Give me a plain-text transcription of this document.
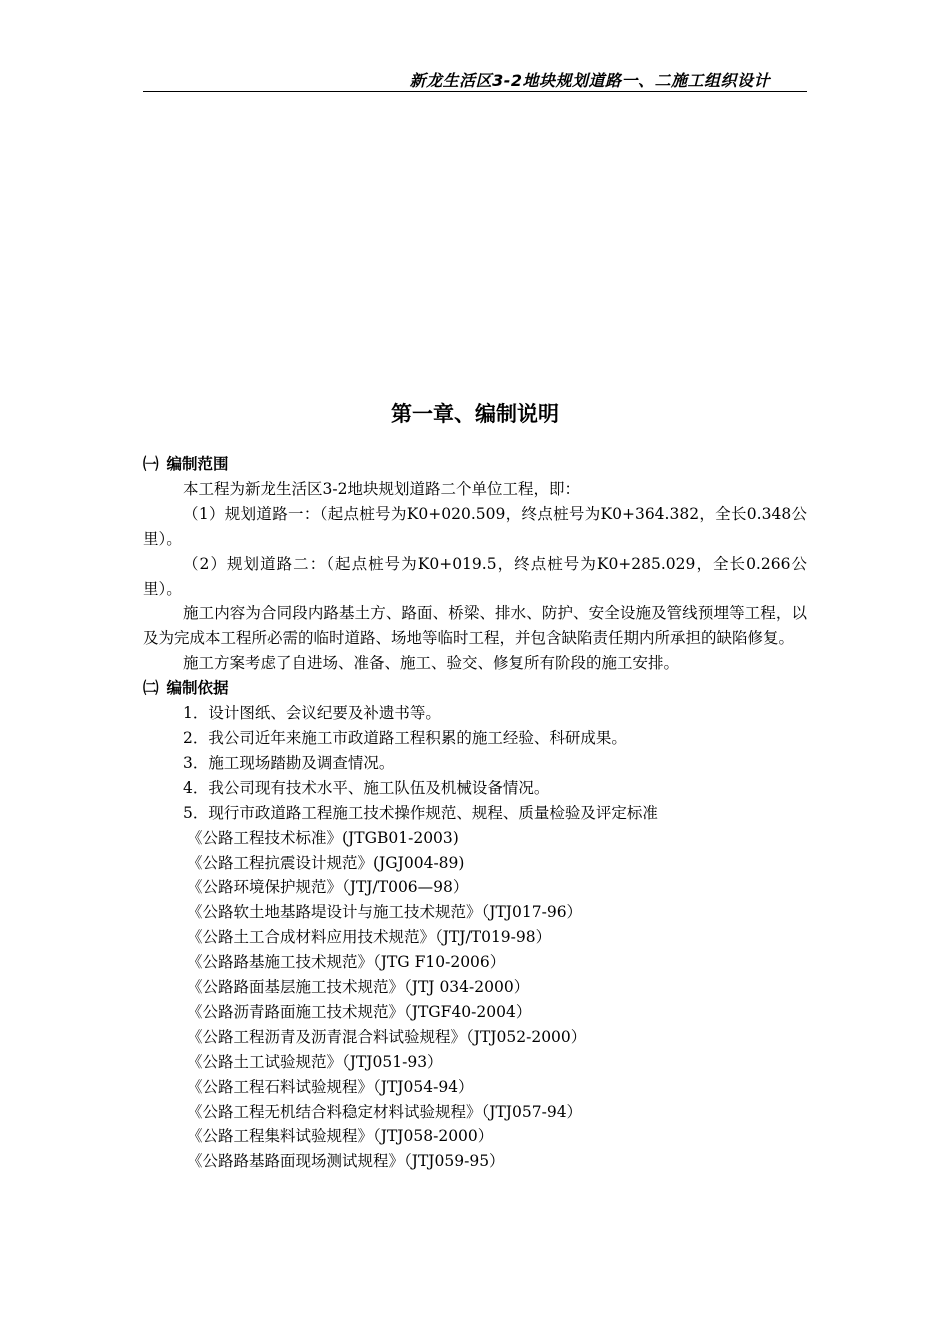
新龙生活区3-2地块规划道路一、二施工组织设计
第一章、编制说明

㈠ 编制范围

本工程为新龙生活区3-2地块规划道路二个单位工程，即：

（1）规划道路一：（起点桩号为K0+020.509，终点桩号为K0+364.382，全长0.348公里）。

（2）规划道路二：（起点桩号为K0+019.5，终点桩号为K0+285.029，全长0.266公里）。

施工内容为合同段内路基土方、路面、桥梁、排水、防护、安全设施及管线预埋等工程，以及为完成本工程所必需的临时道路、场地等临时工程，并包含缺陷责任期内所承担的缺陷修复。

施工方案考虑了自进场、准备、施工、验交、修复所有阶段的施工安排。

㈡ 编制依据

1．设计图纸、会议纪要及补遗书等。

2．我公司近年来施工市政道路工程积累的施工经验、科研成果。

3．施工现场踏勘及调查情况。

4．我公司现有技术水平、施工队伍及机械设备情况。

5．现行市政道路工程施工技术操作规范、规程、质量检验及评定标准

《公路工程技术标准》(JTGB01-2003)

《公路工程抗震设计规范》(JGJ004-89)

《公路环境保护规范》（JTJ/T006—98）

《公路软土地基路堤设计与施工技术规范》（JTJ017-96）

《公路土工合成材料应用技术规范》（JTJ/T019-98）

《公路路基施工技术规范》（JTG F10-2006）

《公路路面基层施工技术规范》（JTJ 034-2000）

《公路沥青路面施工技术规范》（JTGF40-2004）

《公路工程沥青及沥青混合料试验规程》（JTJ052-2000）

《公路土工试验规范》（JTJ051-93）

《公路工程石料试验规程》（JTJ054-94）

《公路工程无机结合料稳定材料试验规程》（JTJ057-94）

《公路工程集料试验规程》（JTJ058-2000）

《公路路基路面现场测试规程》（JTJ059-95）
